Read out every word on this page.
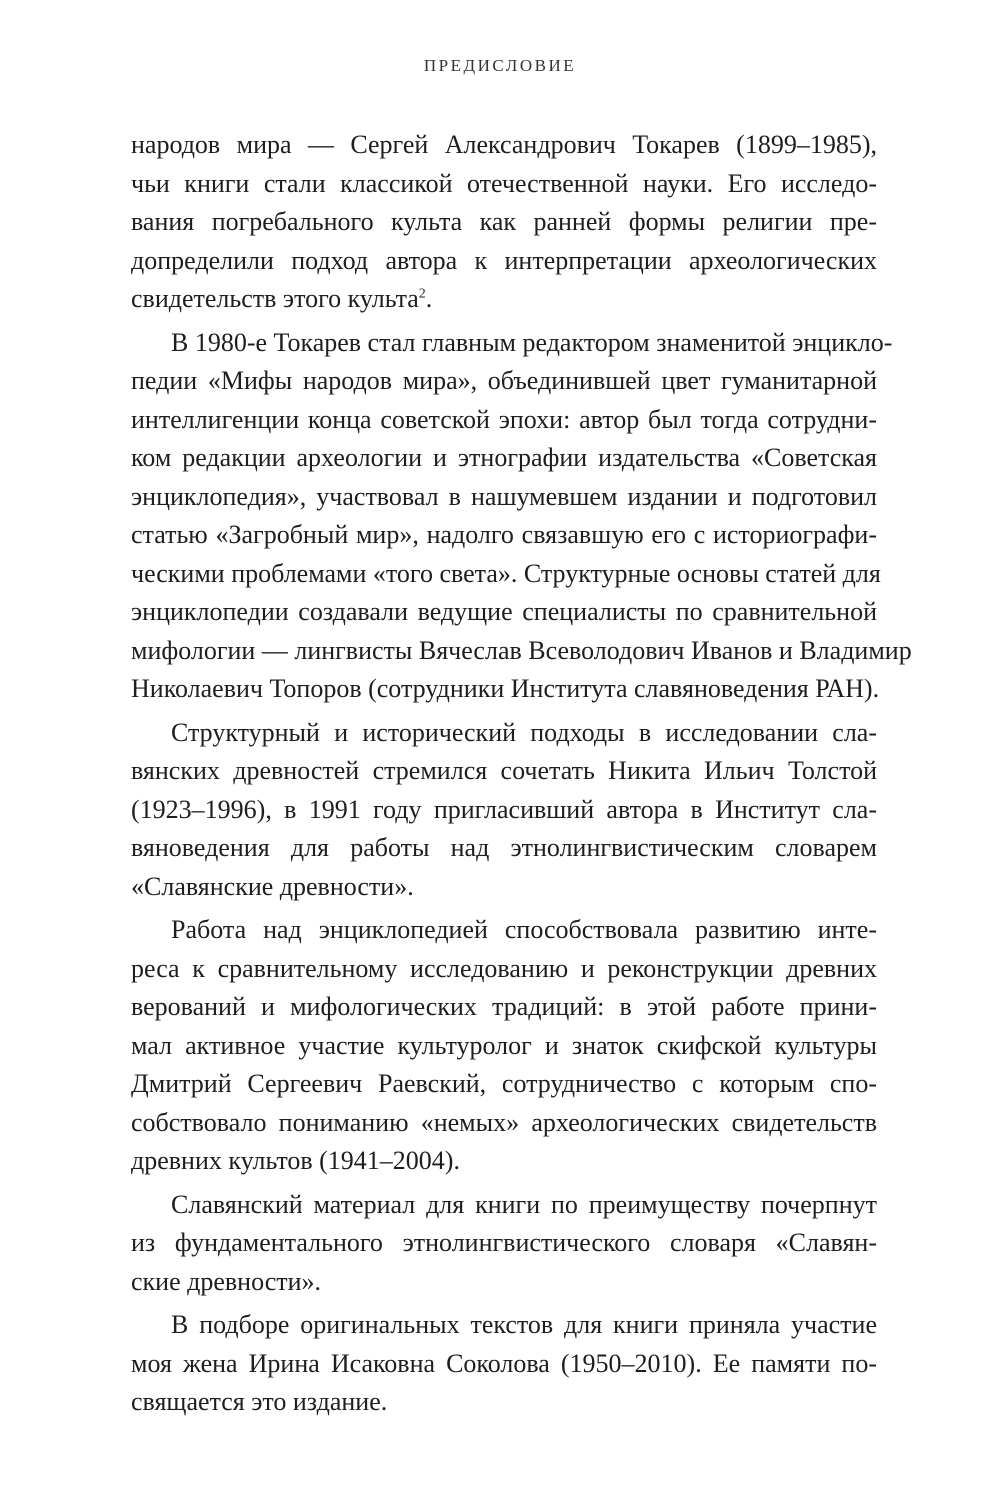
ПРЕДИСЛОВИЕ
народов мира — Сергей Александрович Токарев (1899–1985),
чьи книги стали классикой отечественной науки. Его исследо-
вания погребального культа как ранней формы религии пре-
допределили подход автора к интерпретации археологических
свидетельств этого культа$^2$.
В 1980-е Токарев стал главным редактором знаменитой энцикло-
педии «Мифы народов мира», объединившей цвет гуманитарной
интеллигенции конца советской эпохи: автор был тогда сотрудни-
ком редакции археологии и этнографии издательства «Советская
энциклопедия», участвовал в нашумевшем издании и подготовил
статью «Загробный мир», надолго связавшую его с историографи-
ческими проблемами «того света». Структурные основы статей для
энциклопедии создавали ведущие специалисты по сравнительной
мифологии — лингвисты Вячеслав Всеволодович Иванов и Владимир
Николаевич Топоров (сотрудники Института славяноведения РАН).
Структурный и исторический подходы в исследовании сла-
вянских древностей стремился сочетать Никита Ильич Толстой
(1923–1996), в 1991 году пригласивший автора в Институт сла-
вяноведения для работы над этнолингвистическим словарем
«Славянские древности».
Работа над энциклопедией способствовала развитию инте-
реса к сравнительному исследованию и реконструкции древних
верований и мифологических традиций: в этой работе прини-
мал активное участие культуролог и знаток скифской культуры
Дмитрий Сергеевич Раевский, сотрудничество с которым спо-
собствовало пониманию «немых» археологических свидетельств
древних культов (1941–2004).
Славянский материал для книги по преимуществу почерпнут
из фундаментального этнолингвистического словаря «Славян-
ские древности».
В подборе оригинальных текстов для книги приняла участие
моя жена Ирина Исаковна Соколова (1950–2010). Ее памяти по-
свящается это издание.
